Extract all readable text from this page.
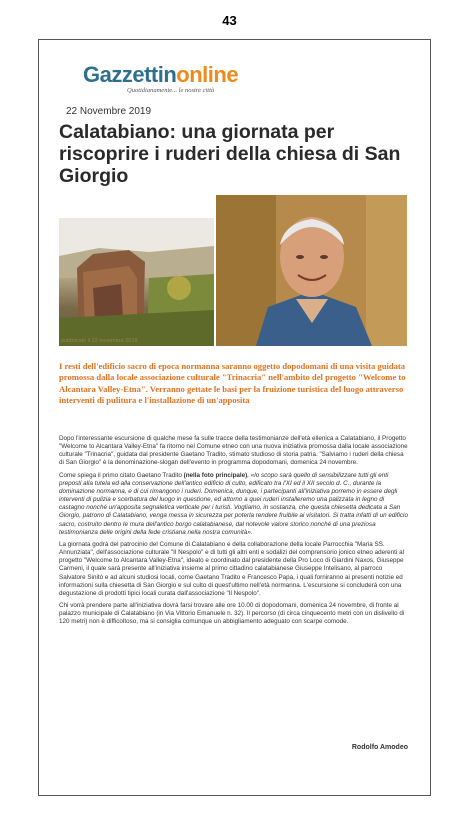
43
Gazzettinonline
Quotidianamente... le nostre città
22 Novembre 2019
Calatabiano: una giornata per riscoprire i ruderi della chiesa di San Giorgio
pubblicato il 22 novembre 2019
I resti dell'edificio sacro di epoca normanna saranno oggetto dopodomani di una visita guidata promossa dalla locale associazione culturale "Trinacria" nell'ambito del progetto "Welcome to Alcantara Valley-Etna". Verranno gettate le basi per la fruizione turistica del luogo attraverso interventi di pulitura e l'installazione di un'apposita

Dopo l'interessante escursione di qualche mese fa sulle tracce della testimonianze dell'età ellenica a Calatabiano, il Progetto "Welcome to Alcantara Valley-Etna" fa ritorno nel Comune etneo con una nuova iniziativa promossa dalla locale associazione culturale "Trinacria", guidata dal presidente Gaetano Tradito, stimato studioso di storia patria. "Salviamo i ruderi della chiesa di San Giorgio" è la denominazione-slogan dell'evento in programma dopodomani, domenica 24 novembre.

Come spiega il primo citato Gaetano Tradito (nella foto principale), «lo scopo sarà quello di sensibilizzare tutti gli enti preposti alla tutela ed alla conservazione dell'antico edificio di culto, edificato tra l'XI ed il XII secolo d. C., durante la dominazione normanna, e di cui rimangono i ruderi. Domenica, dunque, i partecipanti all'iniziativa porremo in essere degli interventi di pulizia e scerbatura del luogo in questione, ed attorno a quei ruderi installeremo una palizzata in legno di castagno nonché un'apposita segnaletica verticale per i turisti. Vogliamo, in sostanza, che questa chiesetta dedicata a San Giorgio, patrono di Calatabiano, venga messa in sicurezza per poterla rendere fruibile ai visitatori. Si tratta infatti di un edificio sacro, costruito dentro le mura dell'antico borgo calatabianese, dal notevole valore storico nonché di una preziosa testimonianza delle origini della fede cristiana nella nostra comunità».

La giornata godrà del patrocinio del Comune di Calatabiano e della collaborazione della locale Parrocchia "Maria SS. Annunziata", dell'associazione culturale "Il Nespolo" e di tutti gli altri enti e sodalizi del comprensorio jonico etneo aderenti al progetto "Welcome to Alcantara Valley-Etna", ideato e coordinato dal presidente della Pro Loco di Giardini Naxos, Giuseppe Carmeni, il quale sarà presente all'iniziativa insieme al primo cittadino calatabianese Giuseppe Intelisano, al parroco Salvatore Sinitò e ad alcuni studiosi locali, come Gaetano Tradito e Francesco Papa, i quali forniranno ai presenti notizie ed informazioni sulla chiesetta di San Giorgio e sul culto di quest'ultimo nell'età normanna. L'escursione si concluderà con una degustazione di prodotti tipici locali curata dall'associazione "Il Nespolo".

Chi vorrà prendere parte all'iniziativa dovrà farsi trovare alle ore 10.00 di dopodomani, domenica 24 novembre, di fronte al palazzo municipale di Calatabiano (in Via Vittorio Emanuele n. 32). Il percorso (di circa cinquecento metri con un dislivello di 120 metri) non è difficoltoso, ma si consiglia comunque un abbigliamento adeguato con scarpe comode.

Rodolfo Amodeo
